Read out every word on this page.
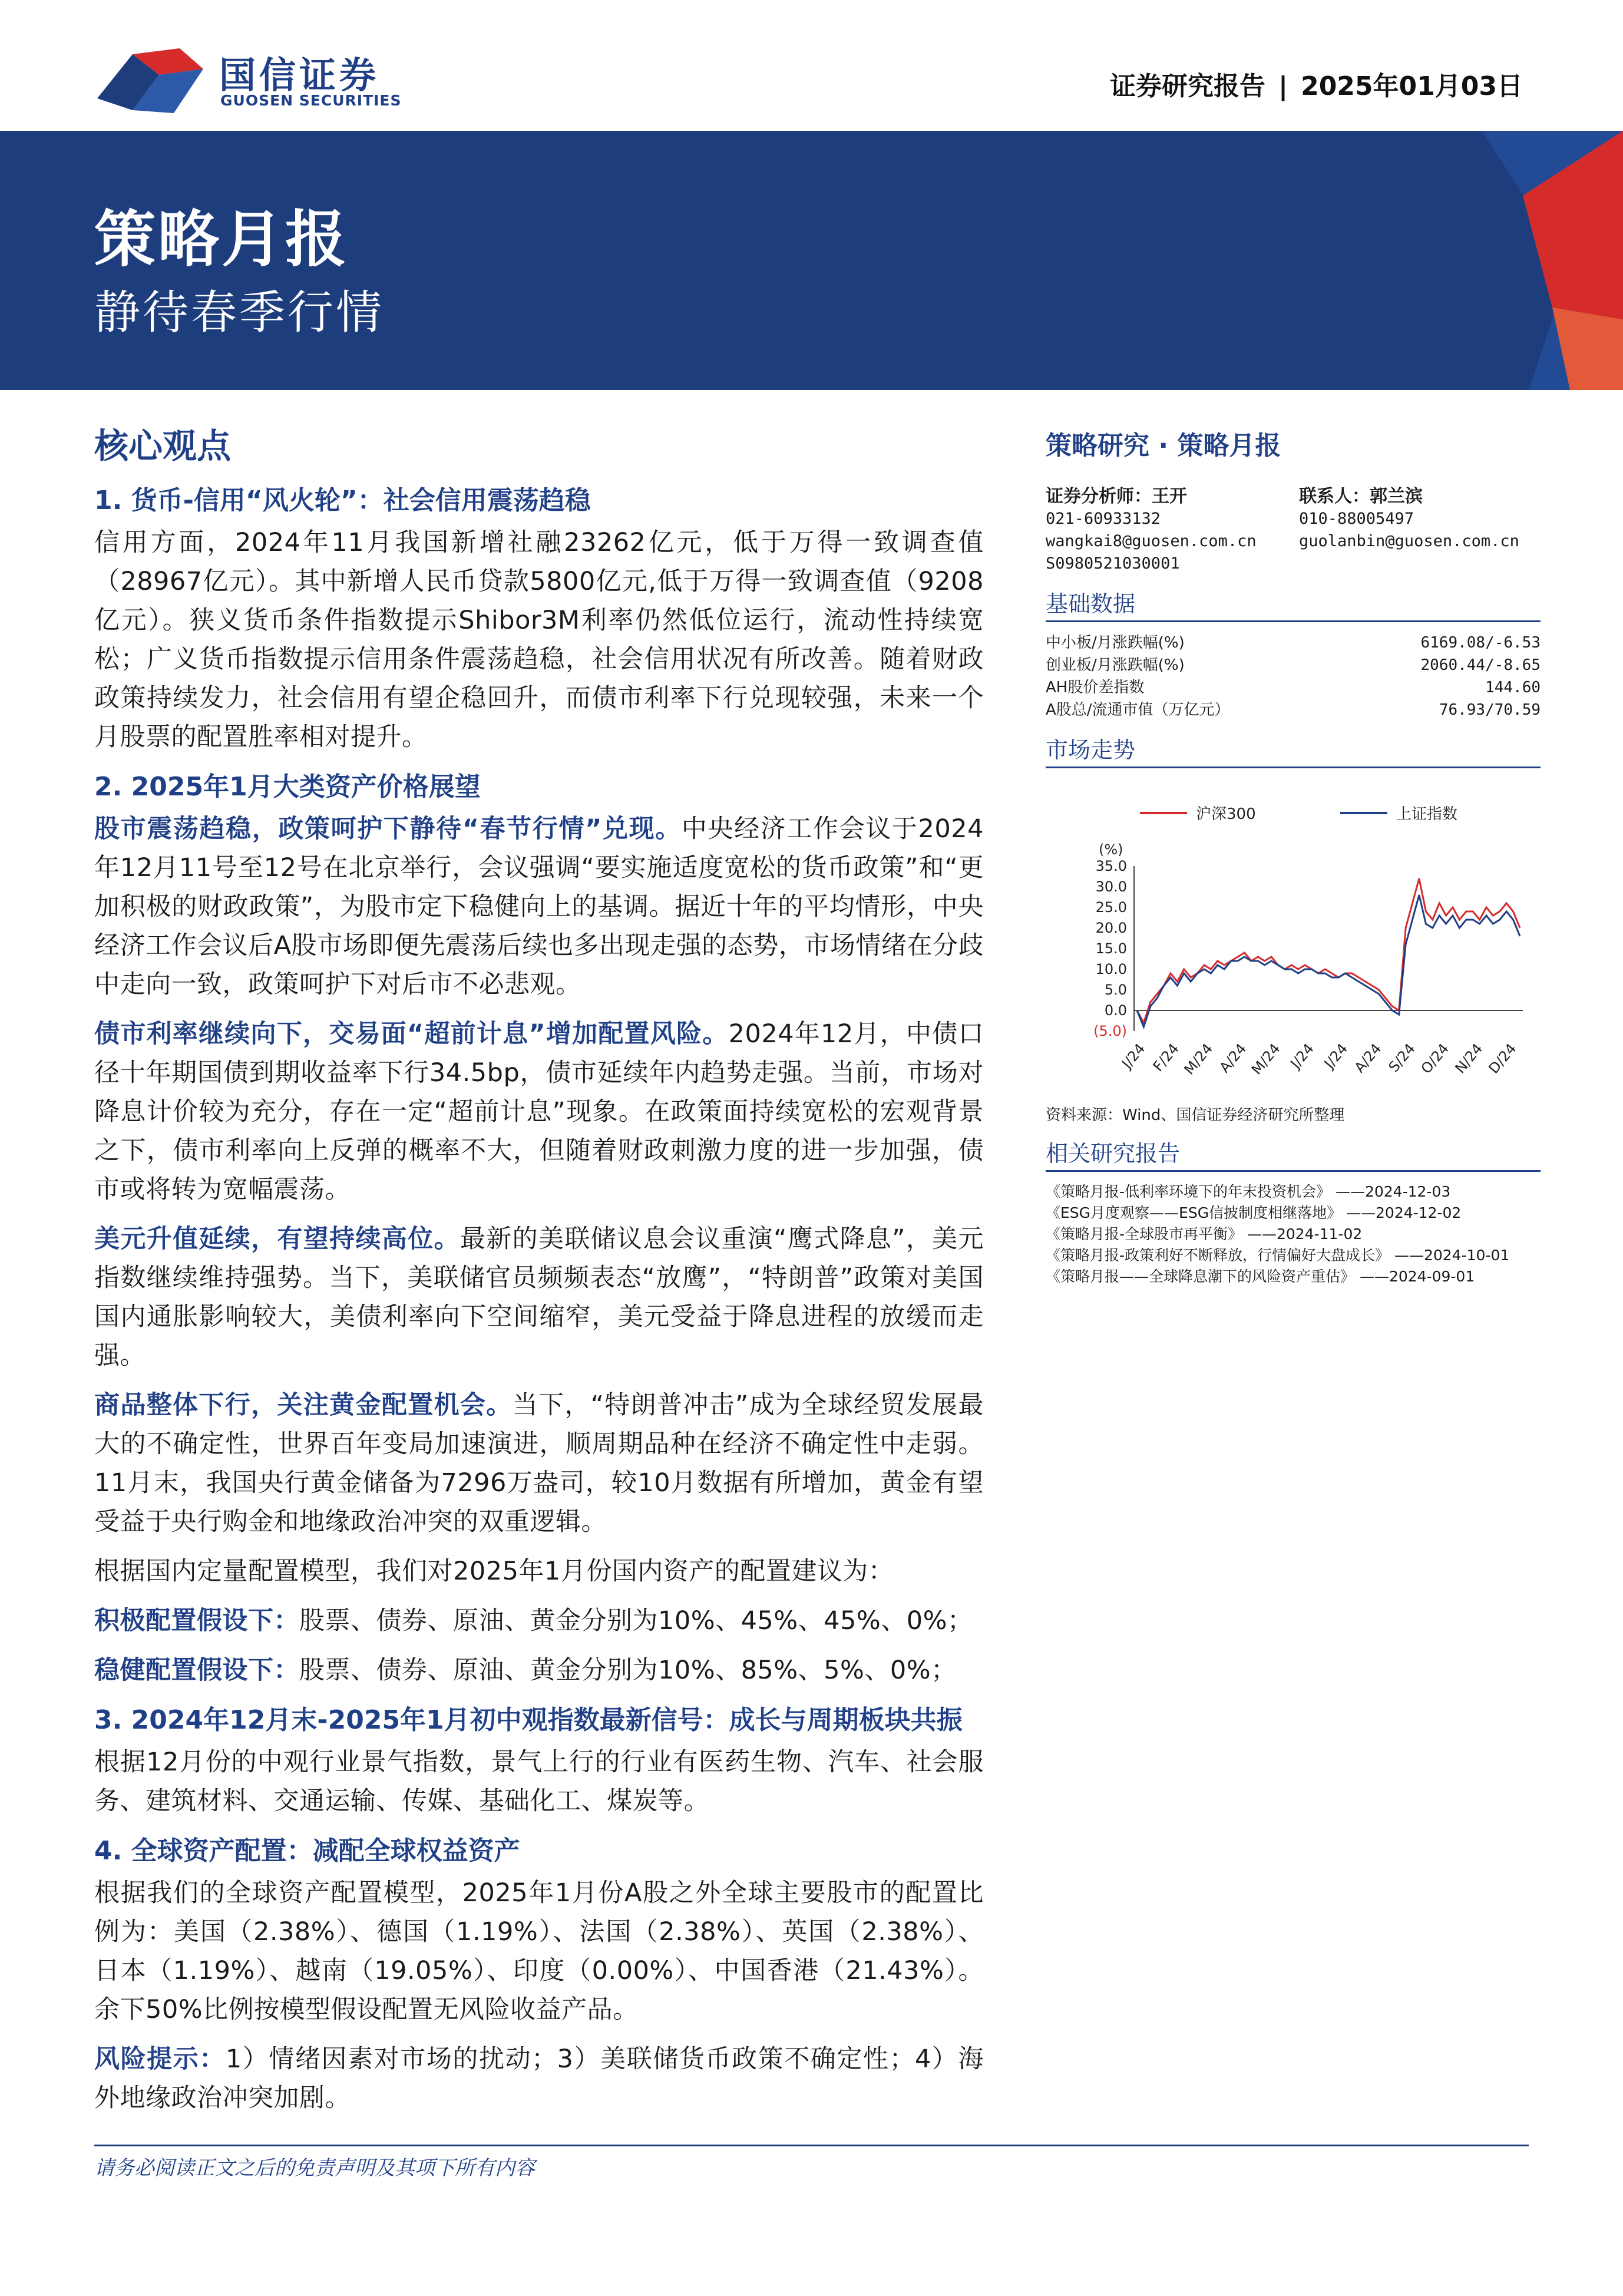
国信证券
GUOSEN SECURITIES	证券研究报告 | 2025年01月03日
策略月报
静待春季行情
核心观点
1. 货币-信用“风火轮”：社会信用震荡趋稳
信用方面，2024年11月我国新增社融23262亿元，低于万得一致调查值（28967亿元）。其中新增人民币贷款5800亿元,低于万得一致调查值（9208亿元）。狭义货币条件指数提示Shibor3M利率仍然低位运行，流动性持续宽松；广义货币指数提示信用条件震荡趋稳，社会信用状况有所改善。随着财政政策持续发力，社会信用有望企稳回升，而债市利率下行兑现较强，未来一个月股票的配置胜率相对提升。
2. 2025年1月大类资产价格展望
股市震荡趋稳，政策呵护下静待“春节行情”兑现。中央经济工作会议于2024年12月11号至12号在北京举行，会议强调“要实施适度宽松的货币政策”和“更加积极的财政政策”，为股市定下稳健向上的基调。据近十年的平均情形，中央经济工作会议后A股市场即便先震荡后续也多出现走强的态势，市场情绪在分歧中走向一致，政策呵护下对后市不必悲观。
债市利率继续向下，交易面“超前计息”增加配置风险。2024年12月，中债口径十年期国债到期收益率下行34.5bp，债市延续年内趋势走强。当前，市场对降息计价较为充分，存在一定“超前计息”现象。在政策面持续宽松的宏观背景之下，债市利率向上反弹的概率不大，但随着财政刺激力度的进一步加强，债市或将转为宽幅震荡。
美元升值延续，有望持续高位。最新的美联储议息会议重演“鹰式降息”，美元指数继续维持强势。当下，美联储官员频频表态“放鹰”，“特朗普”政策对美国国内通胀影响较大，美债利率向下空间缩窄，美元受益于降息进程的放缓而走强。
商品整体下行，关注黄金配置机会。当下，“特朗普冲击”成为全球经贸发展最大的不确定性，世界百年变局加速演进，顺周期品种在经济不确定性中走弱。11月末，我国央行黄金储备为7296万盎司，较10月数据有所增加，黄金有望受益于央行购金和地缘政治冲突的双重逻辑。
根据国内定量配置模型，我们对2025年1月份国内资产的配置建议为：
积极配置假设下：股票、债券、原油、黄金分别为10%、45%、45%、0%；
稳健配置假设下：股票、债券、原油、黄金分别为10%、85%、5%、0%；
3. 2024年12月末-2025年1月初中观指数最新信号：成长与周期板块共振
根据12月份的中观行业景气指数，景气上行的行业有医药生物、汽车、社会服务、建筑材料、交通运输、传媒、基础化工、煤炭等。
4. 全球资产配置：减配全球权益资产
根据我们的全球资产配置模型，2025年1月份A股之外全球主要股市的配置比例为：美国（2.38%）、德国（1.19%）、法国（2.38%）、英国（2.38%）、日本（1.19%）、越南（19.05%）、印度（0.00%）、中国香港（21.43%）。余下50%比例按模型假设配置无风险收益产品。
风险提示：1）情绪因素对市场的扰动；3）美联储货币政策不确定性；4）海外地缘政治冲突加剧。
策略研究 · 策略月报
证券分析师：王开
021-60933132
wangkai8@guosen.com.cn
S0980521030001
联系人：郭兰滨
010-88005497
guolanbin@guosen.com.cn
基础数据
中小板/月涨跌幅(%)	6169.08/-6.53
创业板/月涨跌幅(%)	2060.44/-8.65
AH股价差指数	144.60
A股总/流通市值（万亿元）	76.93/70.59
市场走势
沪深300	上证指数
(%)
35.0
30.0
25.0
20.0
15.0
10.0
5.0
0.0
(5.0)
J/24 F/24
M/24 A/24
M/24 J/24 J/24 A/24 S/24
O/24 N/24 D/24
资料来源：Wind、国信证券经济研究所整理
相关研究报告
《策略月报-低利率环境下的年末投资机会》 ——2024-12-03
《ESG月度观察——ESG信披制度相继落地》 ——2024-12-02
《策略月报-全球股市再平衡》 ——2024-11-02
《策略月报-政策利好不断释放，行情偏好大盘成长》 ——2024-10-01
《策略月报——全球降息潮下的风险资产重估》 ——2024-09-01
请务必阅读正文之后的免责声明及其项下所有内容
